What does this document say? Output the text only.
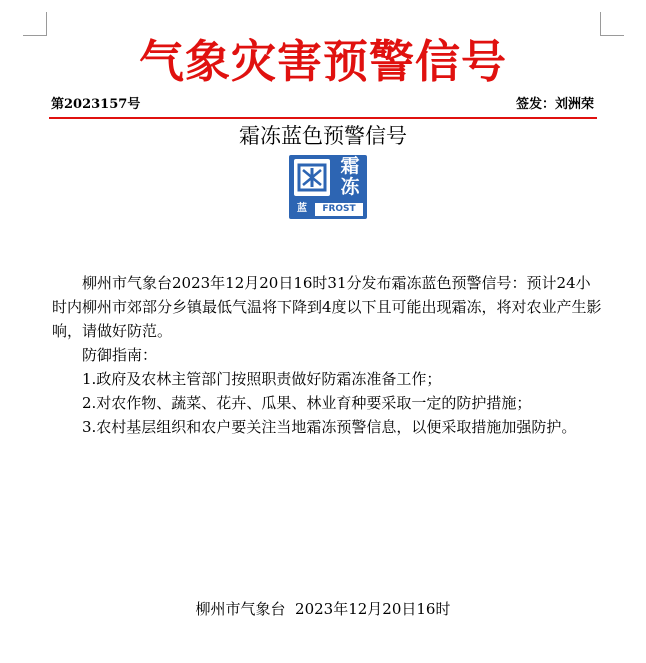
气象灾害预警信号
第2023157号	签发：刘洲荣
霜冻蓝色预警信号
霜
冻
蓝	FROST

柳州市气象台2023年12月20日16时31分发布霜冻蓝色预警信号：预计24小时内柳州市郊部分乡镇最低气温将下降到4度以下且可能出现霜冻，将对农业产生影响，请做好防范。

防御指南：

1.政府及农林主管部门按照职责做好防霜冻准备工作；

2.对农作物、蔬菜、花卉、瓜果、林业育种要采取一定的防护措施；

3.农村基层组织和农户要关注当地霜冻预警信息，以便采取措施加强防护。

柳州市气象台  2023年12月20日16时
